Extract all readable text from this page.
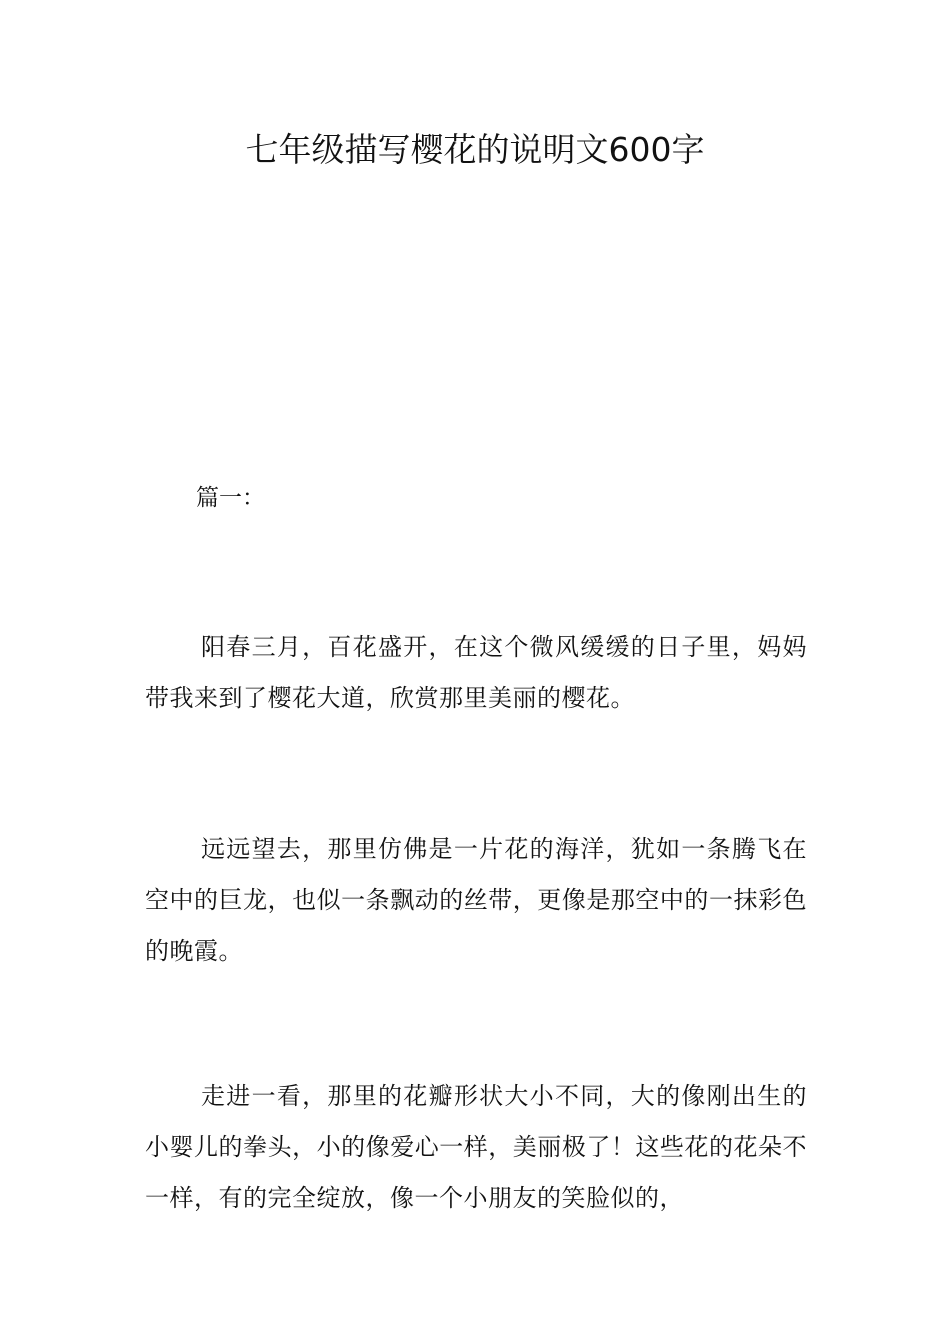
七年级描写樱花的说明文600字
篇一：

阳春三月，百花盛开，在这个微风缓缓的日子里，妈妈带我来到了樱花大道，欣赏那里美丽的樱花。

远远望去，那里仿佛是一片花的海洋，犹如一条腾飞在空中的巨龙，也似一条飘动的丝带，更像是那空中的一抹彩色的晚霞。

走进一看，那里的花瓣形状大小不同，大的像刚出生的小婴儿的拳头，小的像爱心一样，美丽极了！这些花的花朵不一样，有的完全绽放，像一个小朋友的笑脸似的，
